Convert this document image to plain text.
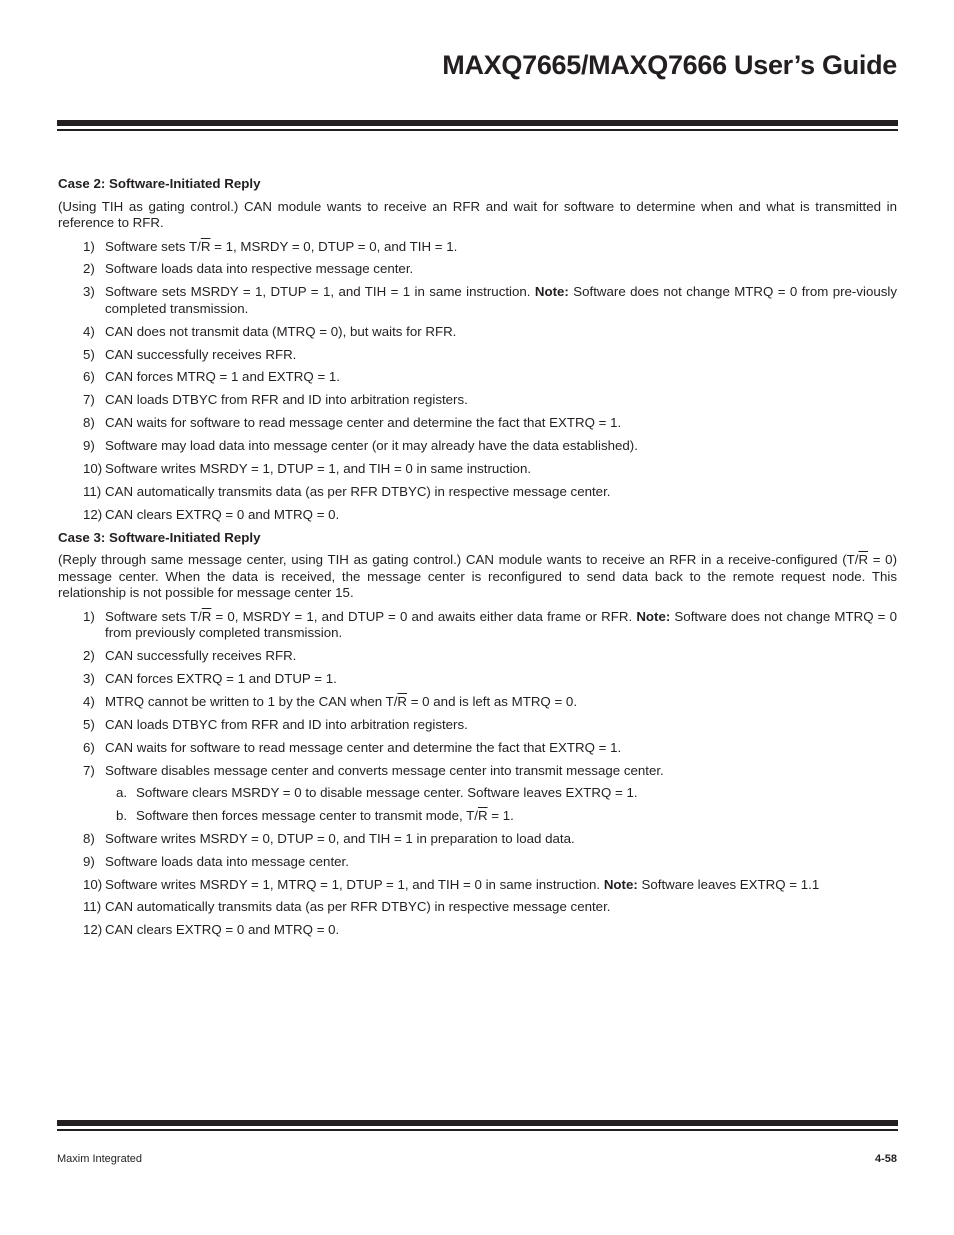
MAXQ7665/MAXQ7666 User’s Guide
Case 2: Software-Initiated Reply
(Using TIH as gating control.) CAN module wants to receive an RFR and wait for software to determine when and what is transmitted in reference to RFR.
1) Software sets $T/\overline{R} = 1$, MSRDY = 0, DTUP = 0, and TIH = 1.
2) Software loads data into respective message center.
3) Software sets MSRDY = 1, DTUP = 1, and TIH = 1 in same instruction. Note: Software does not change MTRQ = 0 from pre-viously completed transmission.
4) CAN does not transmit data (MTRQ = 0), but waits for RFR.
5) CAN successfully receives RFR.
6) CAN forces MTRQ = 1 and EXTRQ = 1.
7) CAN loads DTBYC from RFR and ID into arbitration registers.
8) CAN waits for software to read message center and determine the fact that EXTRQ = 1.
9) Software may load data into message center (or it may already have the data established).
10) Software writes MSRDY = 1, DTUP = 1, and TIH = 0 in same instruction.
11) CAN automatically transmits data (as per RFR DTBYC) in respective message center.
12) CAN clears EXTRQ = 0 and MTRQ = 0.
Case 3: Software-Initiated Reply
(Reply through same message center, using TIH as gating control.) CAN module wants to receive an RFR in a receive-configured $(T/\overline{R} = 0)$ message center. When the data is received, the message center is reconfigured to send data back to the remote request node. This relationship is not possible for message center 15.
1) Software sets $T/\overline{R} = 0$, MSRDY = 1, and DTUP = 0 and awaits either data frame or RFR. Note: Software does not change MTRQ = 0 from previously completed transmission.
2) CAN successfully receives RFR.
3) CAN forces EXTRQ = 1 and DTUP = 1.
4) MTRQ cannot be written to 1 by the CAN when $T/\overline{R} = 0$ and is left as MTRQ = 0.
5) CAN loads DTBYC from RFR and ID into arbitration registers.
6) CAN waits for software to read message center and determine the fact that EXTRQ = 1.
7) Software disables message center and converts message center into transmit message center.
a. Software clears MSRDY = 0 to disable message center. Software leaves EXTRQ = 1.
b. Software then forces message center to transmit mode, $T/\overline{R} = 1$.
8) Software writes MSRDY = 0, DTUP = 0, and TIH = 1 in preparation to load data.
9) Software loads data into message center.
10) Software writes MSRDY = 1, MTRQ = 1, DTUP = 1, and TIH = 0 in same instruction. Note: Software leaves EXTRQ = 1.1
11) CAN automatically transmits data (as per RFR DTBYC) in respective message center.
12) CAN clears EXTRQ = 0 and MTRQ = 0.
Maxim Integrated	4-58
